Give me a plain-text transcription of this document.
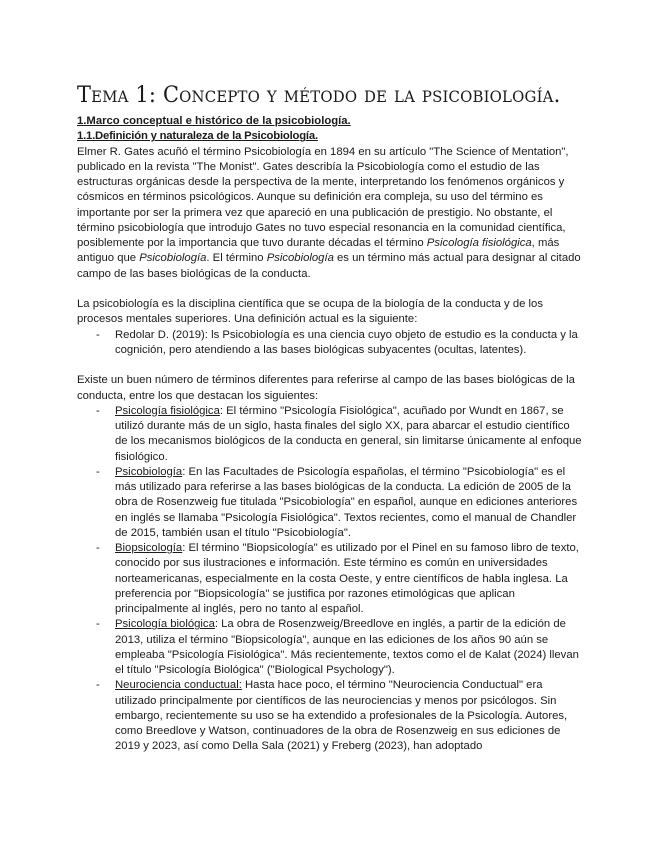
Tema 1: Concepto y método de la psicobiología.

1.Marco conceptual e histórico de la psicobiología.

1.1.Definición y naturaleza de la Psicobiología.

Elmer R. Gates acuñó el término Psicobiología en 1894 en su artículo "The Science of Mentation", publicado en la revista "The Monist". Gates describía la Psicobiología como el estudio de las estructuras orgánicas desde la perspectiva de la mente, interpretando los fenómenos orgánicos y cósmicos en términos psicológicos. Aunque su definición era compleja, su uso del término es importante por ser la primera vez que apareció en una publicación de prestigio. No obstante, el término psicobiología que introdujo Gates no tuvo especial resonancia en la comunidad científica, posiblemente por la importancia que tuvo durante décadas el término Psicología fisiológica, más antiguo que Psicobiología. El término Psicobiología es un término más actual para designar al citado campo de las bases biológicas de la conducta.

La psicobiología es la disciplina científica que se ocupa de la biología de la conducta y de los procesos mentales superiores. Una definición actual es la siguiente:

- Redolar D. (2019): ls Psicobiología es una ciencia cuyo objeto de estudio es la conducta y la cognición, pero atendiendo a las bases biológicas subyacentes (ocultas, latentes).

Existe un buen número de términos diferentes para referirse al campo de las bases biológicas de la conducta, entre los que destacan los siguientes:

- Psicología fisiológica: El término "Psicología Fisiológica", acuñado por Wundt en 1867, se utilizó durante más de un siglo, hasta finales del siglo XX, para abarcar el estudio científico de los mecanismos biológicos de la conducta en general, sin limitarse únicamente al enfoque fisiológico.
- Psicobiología: En las Facultades de Psicología españolas, el término "Psicobiología" es el más utilizado para referirse a las bases biológicas de la conducta. La edición de 2005 de la obra de Rosenzweig fue titulada "Psicobiología" en español, aunque en ediciones anteriores en inglés se llamaba "Psicología Fisiológica". Textos recientes, como el manual de Chandler de 2015, también usan el título "Psicobiología".
- Biopsicología: El término "Biopsicología" es utilizado por el Pinel en su famoso libro de texto, conocido por sus ilustraciones e información. Este término es común en universidades norteamericanas, especialmente en la costa Oeste, y entre científicos de habla inglesa. La preferencia por "Biopsicología" se justifica por razones etimológicas que aplican principalmente al inglés, pero no tanto al español.
- Psicología biológica: La obra de Rosenzweig/Breedlove en inglés, a partir de la edición de 2013, utiliza el término "Biopsicología", aunque en las ediciones de los años 90 aún se empleaba "Psicología Fisiológica". Más recientemente, textos como el de Kalat (2024) llevan el título "Psicología Biológica" ("Biological Psychology").
- Neurociencia conductual: Hasta hace poco, el término "Neurociencia Conductual" era utilizado principalmente por científicos de las neurociencias y menos por psicólogos. Sin embargo, recientemente su uso se ha extendido a profesionales de la Psicología. Autores, como Breedlove y Watson, continuadores de la obra de Rosenzweig en sus ediciones de 2019 y 2023, así como Della Sala (2021) y Freberg (2023), han adoptado
